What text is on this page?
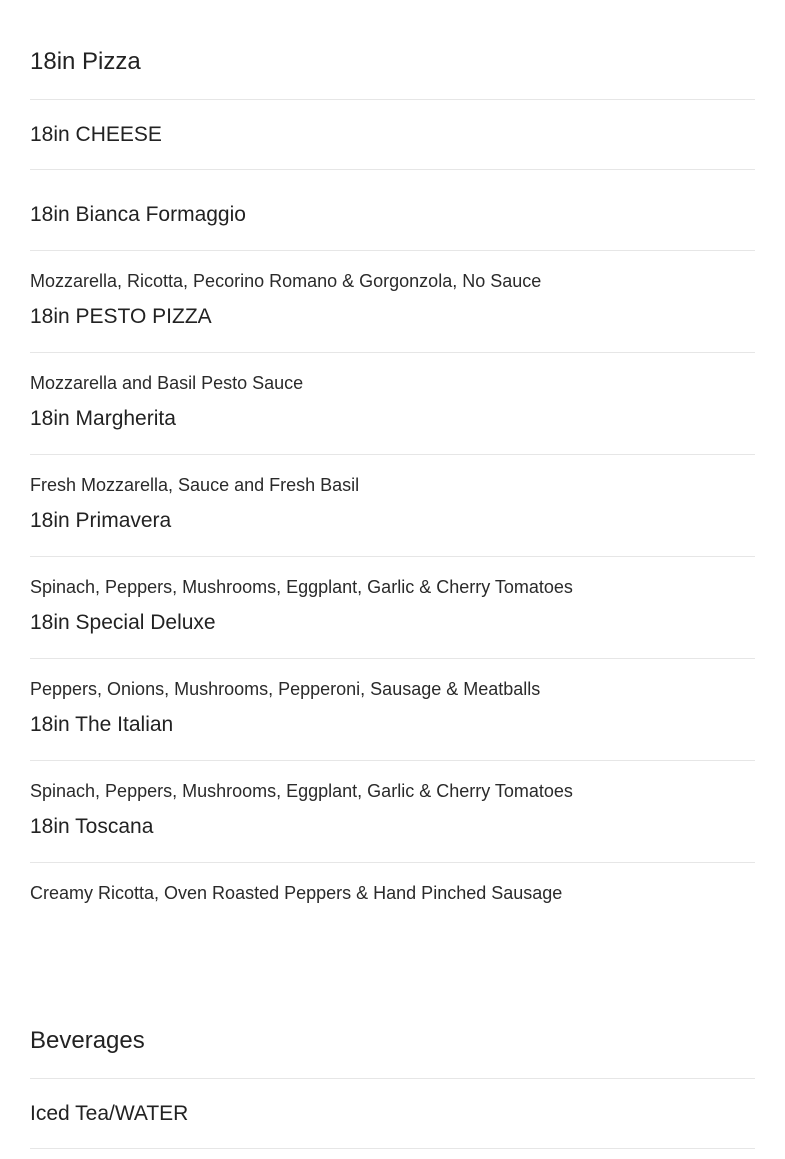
18in Pizza
18in CHEESE
18in Bianca Formaggio
Mozzarella, Ricotta, Pecorino Romano & Gorgonzola, No Sauce
18in PESTO PIZZA
Mozzarella and Basil Pesto Sauce
18in Margherita
Fresh Mozzarella, Sauce and Fresh Basil
18in Primavera
Spinach, Peppers, Mushrooms, Eggplant, Garlic & Cherry Tomatoes
18in Special Deluxe
Peppers, Onions, Mushrooms, Pepperoni, Sausage & Meatballs
18in The Italian
Spinach, Peppers, Mushrooms, Eggplant, Garlic & Cherry Tomatoes
18in Toscana
Creamy Ricotta, Oven Roasted Peppers & Hand Pinched Sausage
Beverages
Iced Tea/WATER
